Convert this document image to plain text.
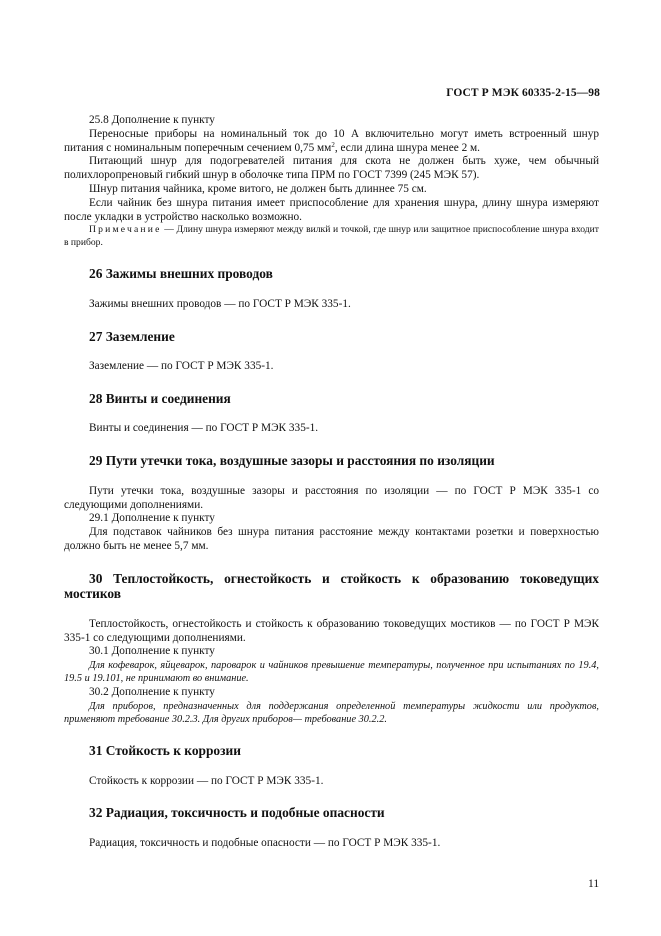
ГОСТ Р МЭК 60335-2-15—98

25.8 Дополнение к пункту

Переносные приборы на номинальный ток до 10 А включительно могут иметь встроенный шнур питания с номинальным поперечным сечением 0,75 $мм^2$, если длина шнура менее 2 м.

Питающий шнур для подогревателей питания для скота не должен быть хуже, чем обычный полихлоропреновый гибкий шнур в оболочке типа ПРМ по ГОСТ 7399 (245 МЭК 57).

Шнур питания чайника, кроме витого, не должен быть длиннее 75 см.

Если чайник без шнура питания имеет приспособление для хранения шнура, длину шнура измеряют после укладки в устройство насколько возможно.

Примечание — Длину шнура измеряют между вилкй и точкой, где шнур или защитное приспособление шнура входит в прибор.

26 Зажимы внешних проводов

Зажимы внешних проводов — по ГОСТ Р МЭК 335-1.

27 Заземление

Заземление — по ГОСТ Р МЭК 335-1.

28 Винты и соединения

Винты и соединения — по ГОСТ Р МЭК 335-1.

29 Пути утечки тока, воздушные зазоры и расстояния по изоляции

Пути утечки тока, воздушные зазоры и расстояния по изоляции — по ГОСТ Р МЭК 335-1 со следующими дополнениями.

29.1 Дополнение к пункту

Для подставок чайников без шнура питания расстояние между контактами розетки и поверхностью должно быть не менее 5,7 мм.

30 Теплостойкость, огнестойкость и стойкость к образованию токоведущих мостиков

Теплостойкость, огнестойкость и стойкость к образованию токоведущих мостиков — по ГОСТ Р МЭК 335-1 со следующими дополнениями.

30.1 Дополнение к пункту

Для кофеварок, яйцеварок, пароварок и чайников превышение температуры, полученное при испытаниях по 19.4, 19.5 и 19.101, не принимают во внимание.

30.2 Дополнение к пункту

Для приборов, предназначенных для поддержания определенной температуры жидкости или продуктов, применяют требование 30.2.3. Для других приборов— требование 30.2.2.

31 Стойкость к коррозии

Стойкость к коррозии — по ГОСТ Р МЭК 335-1.

32 Радиация, токсичность и подобные опасности

Радиация, токсичность и подобные опасности — по ГОСТ Р МЭК 335-1.

11
